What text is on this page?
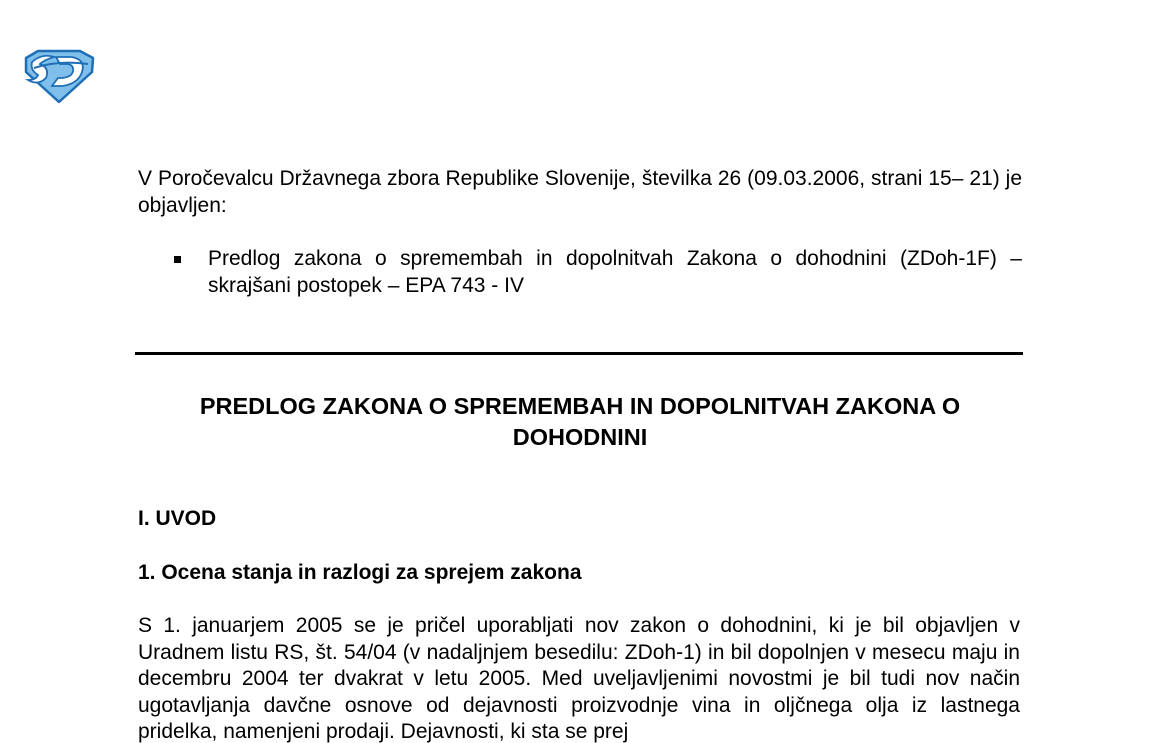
V Poročevalcu Državnega zbora Republike Slovenije, številka 26 (09.03.2006, strani 15– 21) je objavljen:

Predlog zakona o spremembah in dopolnitvah Zakona o dohodnini (ZDoh-1F) – skrajšani postopek – EPA 743 - IV
PREDLOG ZAKONA O SPREMEMBAH IN DOPOLNITVAH ZAKONA O DOHODNINI
I. UVOD
1. Ocena stanja in razlogi za sprejem zakona

S 1. januarjem 2005 se je pričel uporabljati nov zakon o dohodnini, ki je bil objavljen v Uradnem listu RS, št. 54/04 (v nadaljnjem besedilu: ZDoh-1) in bil dopolnjen v mesecu maju in decembru 2004 ter dvakrat v letu 2005. Med uveljavljenimi novostmi je bil tudi nov način ugotavljanja davčne osnove od dejavnosti proizvodnje vina in oljčnega olja iz lastnega pridelka, namenjeni prodaji. Dejavnosti, ki sta se prej
